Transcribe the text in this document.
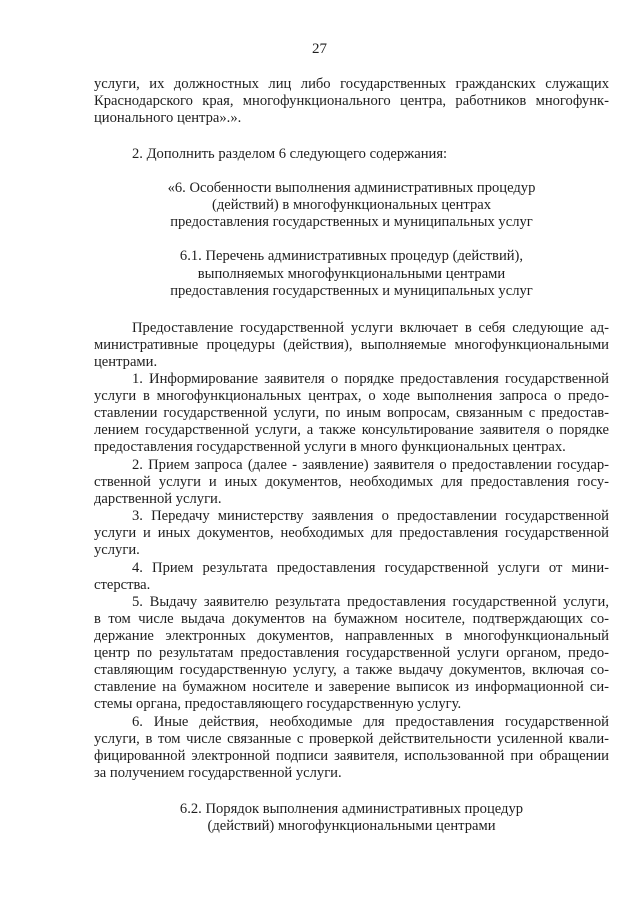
27
услуги, их должностных лиц либо государственных гражданских служащих
Краснодарского края, многофункционального центра, работников многофунк-
ционального центра».».
2. Дополнить разделом 6 следующего содержания:
«6. Особенности выполнения административных процедур
(действий) в многофункциональных центрах
предоставления государственных и муниципальных услуг
6.1. Перечень административных процедур (действий),
выполняемых многофункциональными центрами
предоставления государственных и муниципальных услуг
Предоставление государственной услуги включает в себя следующие ад-
министративные процедуры (действия), выполняемые многофункциональными
центрами.
1. Информирование заявителя о порядке предоставления государственной
услуги в многофункциональных центрах, о ходе выполнения запроса о предо-
ставлении государственной услуги, по иным вопросам, связанным с предостав-
лением государственной услуги, а также консультирование заявителя о порядке
предоставления государственной услуги в много функциональных центрах.
2. Прием запроса (далее - заявление) заявителя о предоставлении государ-
ственной услуги и иных документов, необходимых для предоставления госу-
дарственной услуги.
3. Передачу министерству заявления о предоставлении государственной
услуги и иных документов, необходимых для предоставления государственной
услуги.
4. Прием результата предоставления государственной услуги от мини-
стерства.
5. Выдачу заявителю результата предоставления государственной услуги,
в том числе выдача документов на бумажном носителе, подтверждающих со-
держание электронных документов, направленных в многофункциональный
центр по результатам предоставления государственной услуги органом, предо-
ставляющим государственную услугу, а также выдачу документов, включая со-
ставление на бумажном носителе и заверение выписок из информационной си-
стемы органа, предоставляющего государственную услугу.
6. Иные действия, необходимые для предоставления государственной
услуги, в том числе связанные с проверкой действительности усиленной квали-
фицированной электронной подписи заявителя, использованной при обращении
за получением государственной услуги.
6.2. Порядок выполнения административных процедур
(действий) многофункциональными центрами
